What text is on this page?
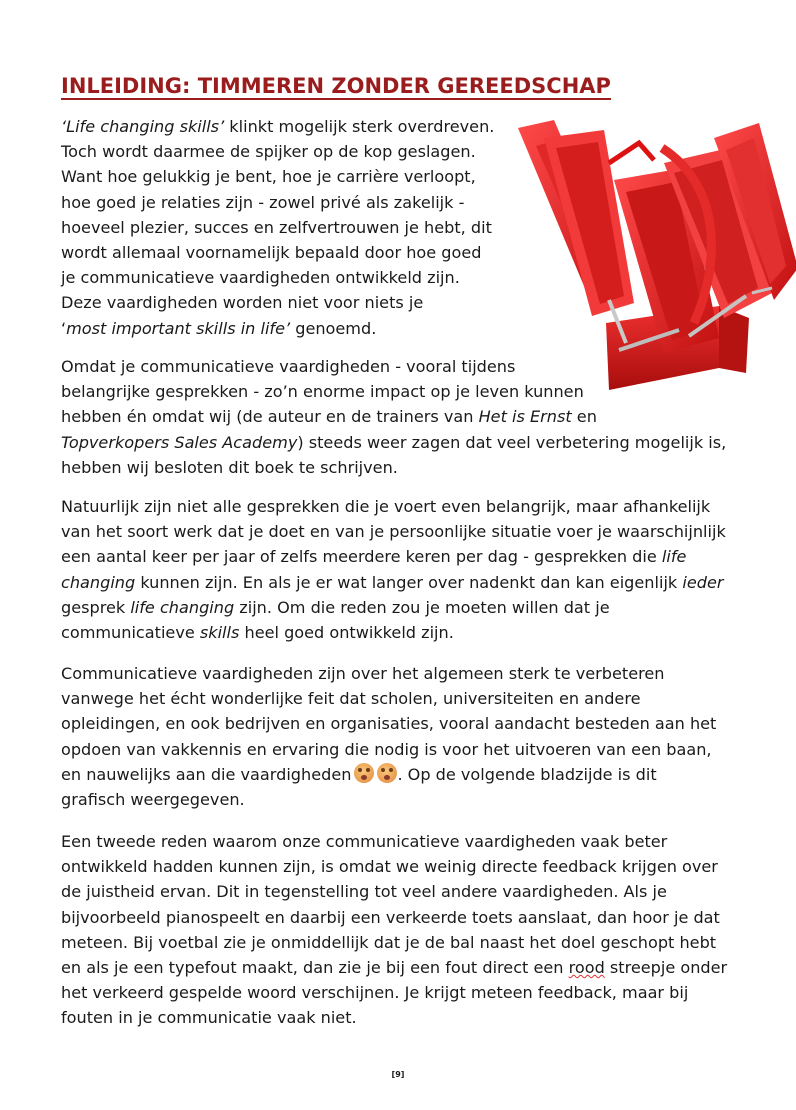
INLEIDING: TIMMEREN ZONDER GEREEDSCHAP
‘Life changing skills’ klinkt mogelijk sterk overdreven.
Toch wordt daarmee de spijker op de kop geslagen.
Want hoe gelukkig je bent, hoe je carrière verloopt,
hoe goed je relaties zijn - zowel privé als zakelijk -
hoeveel plezier, succes en zelfvertrouwen je hebt, dit
wordt allemaal voornamelijk bepaald door hoe goed
je communicatieve vaardigheden ontwikkeld zijn.
Deze vaardigheden worden niet voor niets je
‘most important skills in life’ genoemd.
Omdat je communicatieve vaardigheden - vooral tijdens
belangrijke gesprekken - zo’n enorme impact op je leven kunnen
hebben én omdat wij (de auteur en de trainers van Het is Ernst en
Topverkopers Sales Academy) steeds weer zagen dat veel verbetering mogelijk is,
hebben wij besloten dit boek te schrijven.
Natuurlijk zijn niet alle gesprekken die je voert even belangrijk, maar afhankelijk
van het soort werk dat je doet en van je persoonlijke situatie voer je waarschijnlijk
een aantal keer per jaar of zelfs meerdere keren per dag - gesprekken die life
changing kunnen zijn. En als je er wat langer over nadenkt dan kan eigenlijk ieder
gesprek life changing zijn. Om die reden zou je moeten willen dat je
communicatieve skills heel goed ontwikkeld zijn.
Communicatieve vaardigheden zijn over het algemeen sterk te verbeteren
vanwege het écht wonderlijke feit dat scholen, universiteiten en andere
opleidingen, en ook bedrijven en organisaties, vooral aandacht besteden aan het
opdoen van vakkennis en ervaring die nodig is voor het uitvoeren van een baan,
en nauwelijks aan die vaardigheden	. Op de volgende bladzijde is dit
grafisch weergegeven.
Een tweede reden waarom onze communicatieve vaardigheden vaak beter
ontwikkeld hadden kunnen zijn, is omdat we weinig directe feedback krijgen over
de juistheid ervan. Dit in tegenstelling tot veel andere vaardigheden. Als je
bijvoorbeeld pianospeelt en daarbij een verkeerde toets aanslaat, dan hoor je dat
meteen. Bij voetbal zie je onmiddellijk dat je de bal naast het doel geschopt hebt
en als je een typefout maakt, dan zie je bij een fout direct een rood streepje onder
het verkeerd gespelde woord verschijnen. Je krijgt meteen feedback, maar bij
fouten in je communicatie vaak niet.
[9]
